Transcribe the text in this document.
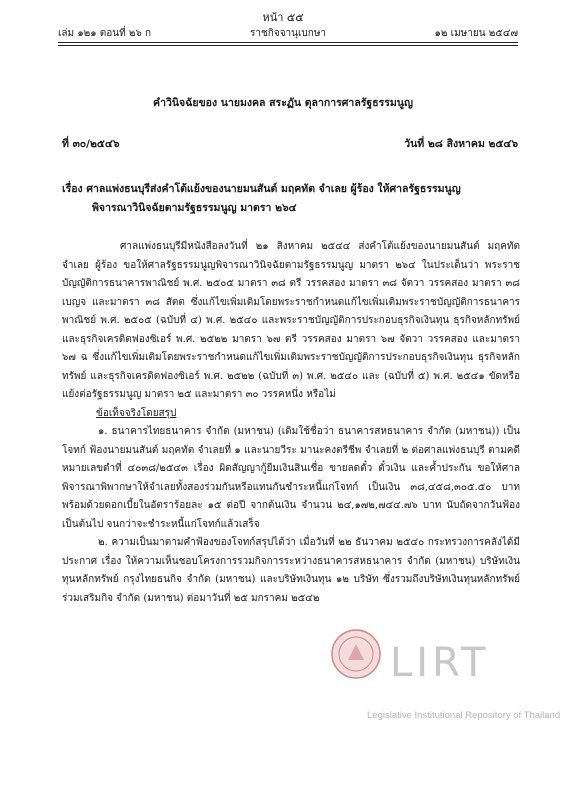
หน้า ๕๕
เล่ม ๑๒๑ ตอนที่ ๒๖ ก	ราชกิจจานุเบกษา	๑๒ เมษายน ๒๕๔๗
คำวินิจฉัยของ นายมงคล สระฏัน ตุลาการศาลรัฐธรรมนูญ
ที่ ๓๐/๒๕๔๖	วันที่ ๒๘ สิงหาคม ๒๕๔๖
เรื่อง ศาลแพ่งธนบุรีส่งคำโต้แย้งของนายมนสันต์ มฤคทัต จำเลย ผู้ร้อง ให้ศาลรัฐธรรมนูญ
พิจารณาวินิจฉัยตามรัฐธรรมนูญ มาตรา ๒๖๔

ศาลแพ่งธนบุรีมีหนังสือลงวันที่ ๒๑ สิงหาคม ๒๕๔๔ ส่งคำโต้แย้งของนายมนสันต์ มฤคทัต จำเลย ผู้ร้อง ขอให้ศาลรัฐธรรมนูญพิจารณาวินิจฉัยตามรัฐธรรมนูญ มาตรา ๒๖๔ ในประเด็นว่า พระราชบัญญัติการธนาคารพาณิชย์ พ.ศ. ๒๕๐๕ มาตรา ๓๘ ตรี วรรคสอง มาตรา ๓๘ จัตวา วรรคสอง มาตรา ๓๘ เบญจ และมาตรา ๓๘ สัตต ซึ่งแก้ไขเพิ่มเติมโดยพระราชกำหนดแก้ไขเพิ่มเติมพระราชบัญญัติการธนาคารพาณิชย์ พ.ศ. ๒๕๐๕ (ฉบับที่ ๔) พ.ศ. ๒๕๔๐ และพระราชบัญญัติการประกอบธุรกิจเงินทุน ธุรกิจหลักทรัพย์ และธุรกิจเครดิตฟองซิเอร์ พ.ศ. ๒๕๒๒ มาตรา ๖๗ ตรี วรรคสอง มาตรา ๖๗ จัตวา วรรคสอง และมาตรา ๖๗ ฉ ซึ่งแก้ไขเพิ่มเติมโดยพระราชกำหนดแก้ไขเพิ่มเติมพระราชบัญญัติการประกอบธุรกิจเงินทุน ธุรกิจหลักทรัพย์ และธุรกิจเครดิตฟองซิเอร์ พ.ศ. ๒๕๒๒ (ฉบับที่ ๓) พ.ศ. ๒๕๔๐ และ (ฉบับที่ ๕) พ.ศ. ๒๕๔๑ ขัดหรือแย้งต่อรัฐธรรมนูญ มาตรา ๒๕ และมาตรา ๓๐ วรรคหนึ่ง หรือไม่

ข้อเท็จจริงโดยสรุป

๑. ธนาคารไทยธนาคาร จำกัด (มหาชน) (เดิมใช้ชื่อว่า ธนาคารสหธนาคาร จำกัด (มหาชน)) เป็นโจทก์ ฟ้องนายมนสันต์ มฤคทัต จำเลยที่ ๑ และนายวีระ มานะคงตรีชีพ จำเลยที่ ๒ ต่อศาลแพ่งธนบุรี ตามคดีหมายเลขดำที่ ๔๐๓๘/๒๕๔๓ เรื่อง ผิดสัญญากู้ยืมเงินสินเชื่อ ขายลดตั๋ว ตั๋วเงิน และค้ำประกัน ขอให้ศาลพิจารณาพิพากษาให้จำเลยทั้งสองร่วมกันหรือแทนกันชำระหนี้แก่โจทก์ เป็นเงิน ๓๘,๔๕๘,๓๐๕.๕๐ บาท พร้อมด้วยดอกเบี้ยในอัตราร้อยละ ๑๕ ต่อปี จากต้นเงิน จำนวน ๒๔,๑๗๒,๗๔๔.๗๖ บาท นับถัดจากวันฟ้องเป็นต้นไป จนกว่าจะชำระหนี้แก่โจทก์แล้วเสร็จ

๒. ความเป็นมาตามคำฟ้องของโจทก์สรุปได้ว่า เมื่อวันที่ ๒๒ ธันวาคม ๒๕๔๐ กระทรวงการคลังได้มีประกาศ เรื่อง ให้ความเห็นชอบโครงการรวมกิจการระหว่างธนาคารสหธนาคาร จำกัด (มหาชน) บริษัทเงินทุนหลักทรัพย์ กรุงไทยธนกิจ จำกัด (มหาชน) และบริษัทเงินทุน ๑๒ บริษัท ซึ่งรวมถึงบริษัทเงินทุนหลักทรัพย์ ร่วมเสริมกิจ จำกัด (มหาชน) ต่อมาวันที่ ๒๕ มกราคม ๒๕๔๒

LIRT
Legislative Institutional Repository of Thailand
